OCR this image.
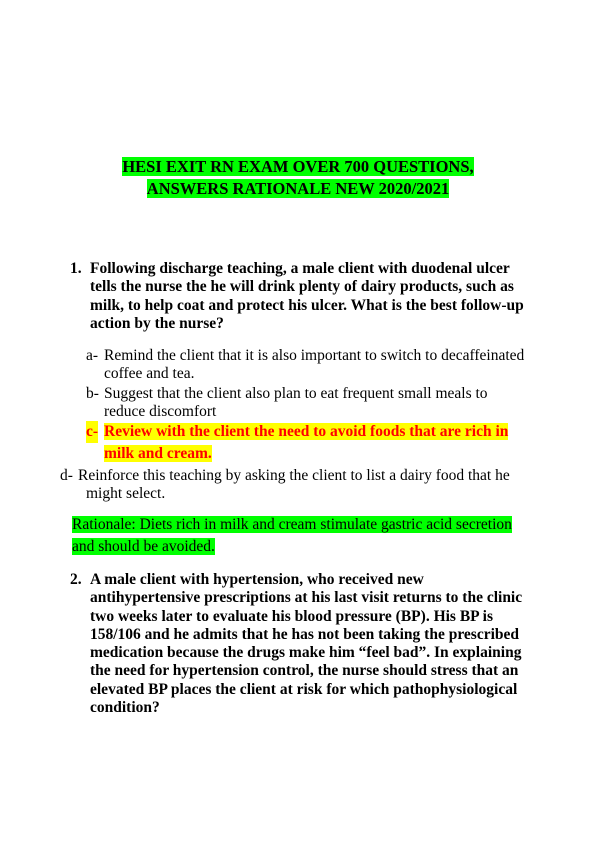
HESI EXIT RN EXAM OVER 700 QUESTIONS,
ANSWERS RATIONALE NEW 2020/2021
1. Following discharge teaching, a male client with duodenal ulcer
tells the nurse the he will drink plenty of dairy products, such as
milk, to help coat and protect his ulcer. What is the best follow-up
action by the nurse?
a- Remind the client that it is also important to switch to decaffeinated
coffee and tea.
b- Suggest that the client also plan to eat frequent small meals to
reduce discomfort
c- Review with the client the need to avoid foods that are rich in
milk and cream.
d- Reinforce this teaching by asking the client to list a dairy food that he
might select.
Rationale: Diets rich in milk and cream stimulate gastric acid secretion
and should be avoided.
2. A male client with hypertension, who received new
antihypertensive prescriptions at his last visit returns to the clinic
two weeks later to evaluate his blood pressure (BP). His BP is
158/106 and he admits that he has not been taking the prescribed
medication because the drugs make him “feel bad”. In explaining
the need for hypertension control, the nurse should stress that an
elevated BP places the client at risk for which pathophysiological
condition?
